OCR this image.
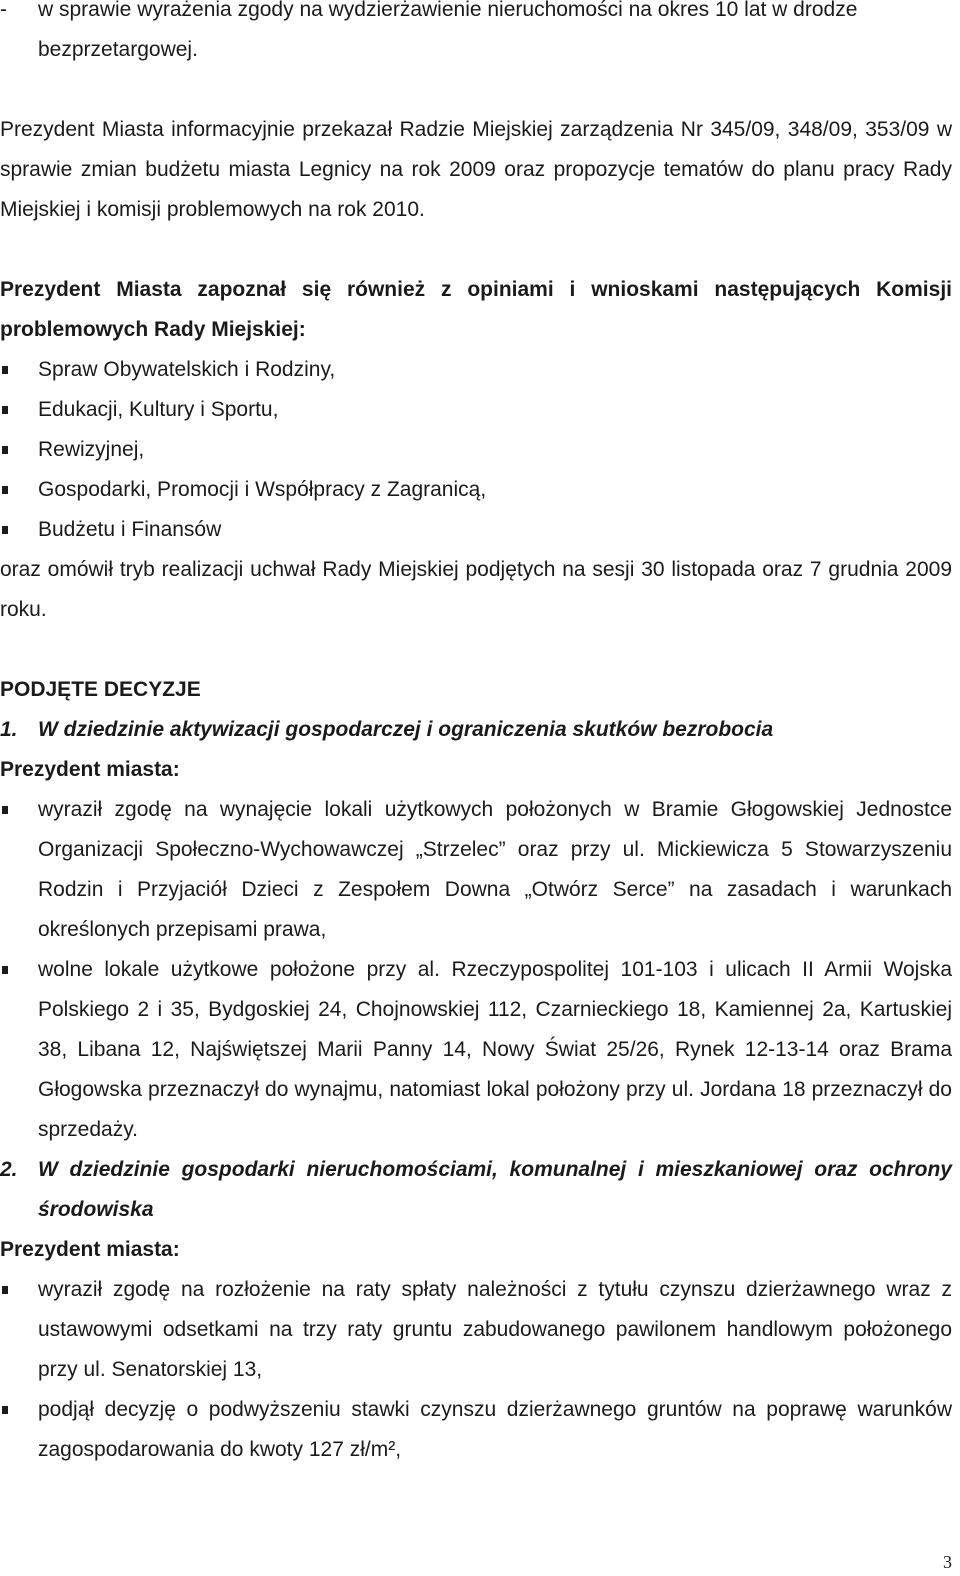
- w sprawie wyrażenia zgody na wydzierżawienie nieruchomości na okres 10 lat w drodze bezprzetargowej.

Prezydent Miasta informacyjnie przekazał Radzie Miejskiej zarządzenia Nr 345/09, 348/09, 353/09 w sprawie zmian budżetu miasta Legnicy na rok 2009 oraz propozycje tematów do planu pracy Rady Miejskiej i komisji problemowych na rok 2010.

Prezydent Miasta zapoznał się również z opiniami i wnioskami następujących Komisji problemowych Rady Miejskiej:

Spraw Obywatelskich i Rodziny,

Edukacji, Kultury i Sportu,

Rewizyjnej,

Gospodarki, Promocji i Współpracy z Zagranicą,

Budżetu i Finansów

oraz omówił tryb realizacji uchwał Rady Miejskiej podjętych na sesji 30 listopada oraz 7 grudnia 2009 roku.

PODJĘTE DECYZJE

1. W dziedzinie aktywizacji gospodarczej i ograniczenia skutków bezrobocia

Prezydent miasta:

wyraził zgodę na wynajęcie lokali użytkowych położonych w Bramie Głogowskiej Jednostce Organizacji Społeczno-Wychowawczej „Strzelec” oraz przy ul. Mickiewicza 5 Stowarzyszeniu Rodzin i Przyjaciół Dzieci z Zespołem Downa „Otwórz Serce” na zasadach i warunkach określonych przepisami prawa,

wolne lokale użytkowe położone przy al. Rzeczypospolitej 101-103 i ulicach II Armii Wojska Polskiego 2 i 35, Bydgoskiej 24, Chojnowskiej 112, Czarnieckiego 18, Kamiennej 2a, Kartuskiej 38, Libana 12, Najświętszej Marii Panny 14, Nowy Świat 25/26, Rynek 12-13-14 oraz Brama Głogowska przeznaczył do wynajmu, natomiast lokal położony przy ul. Jordana 18 przeznaczył do sprzedaży.

2. W dziedzinie gospodarki nieruchomościami, komunalnej i mieszkaniowej oraz ochrony środowiska

Prezydent miasta:

wyraził zgodę na rozłożenie na raty spłaty należności z tytułu czynszu dzierżawnego wraz z ustawowymi odsetkami na trzy raty gruntu zabudowanego pawilonem handlowym położonego przy ul. Senatorskiej 13,

podjął decyzję o podwyższeniu stawki czynszu dzierżawnego gruntów na poprawę warunków zagospodarowania do kwoty 127 zł/m²,

3
